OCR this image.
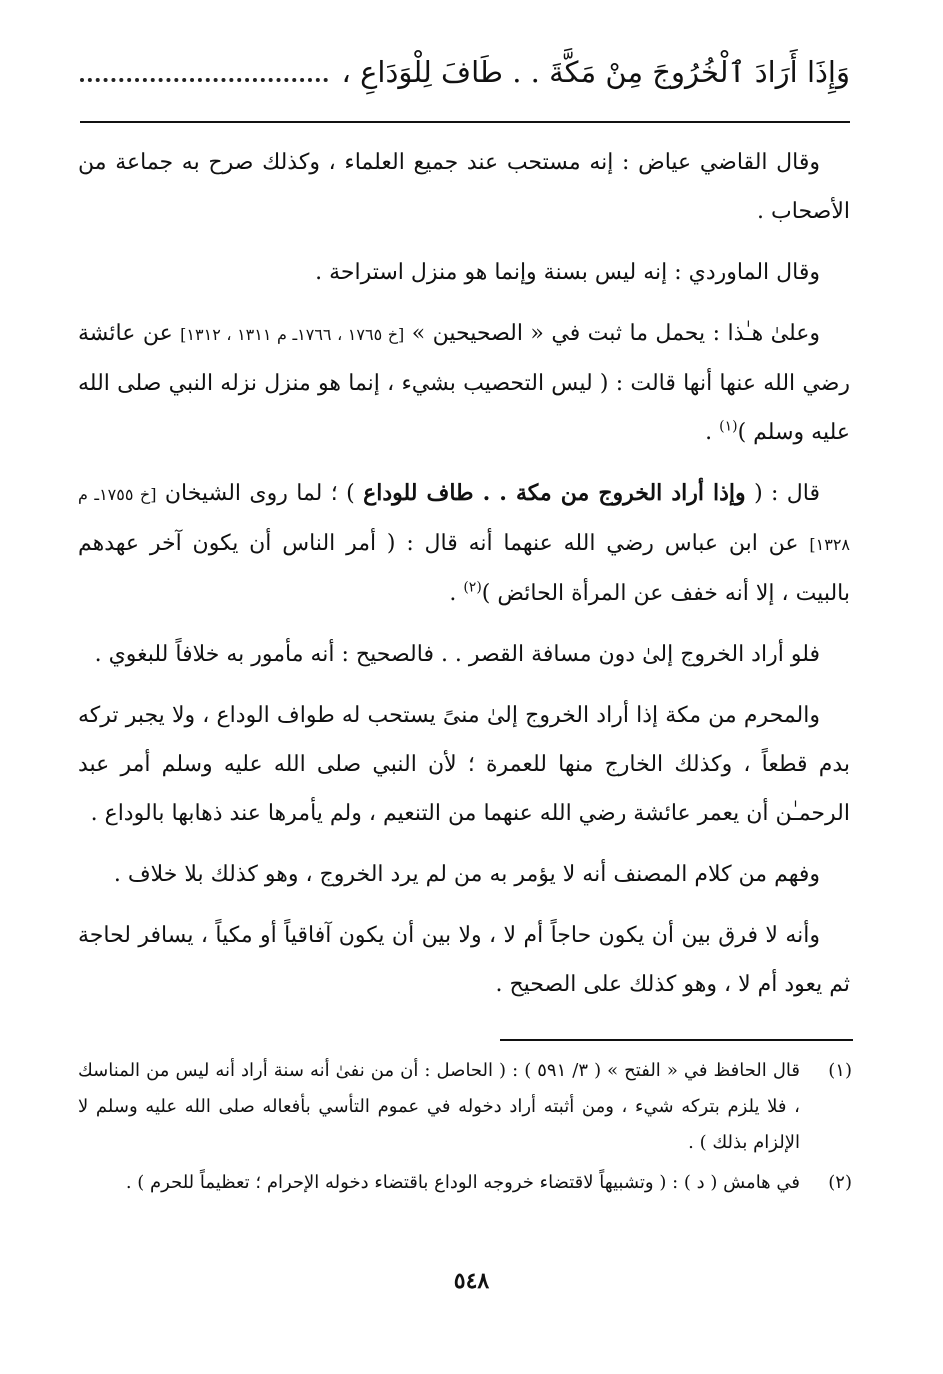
وَإِذَا أَرَادَ ٱلْخُرُوجَ مِنْ مَكَّةَ . . طَافَ لِلْوَدَاعِ ،

وقال القاضي عياض : إنه مستحب عند جميع العلماء ، وكذلك صرح به جماعة من الأصحاب .

وقال الماوردي : إنه ليس بسنة وإنما هو منزل استراحة .

وعلىٰ هـٰذا : يحمل ما ثبت في « الصحيحين » [خ ١٧٦٥ ، ١٧٦٦ـ م ١٣١١ ، ١٣١٢] عن عائشة رضي الله عنها أنها قالت : ( ليس التحصيب بشيء ، إنما هو منزل نزله النبي صلى الله عليه وسلم )$^{(١)}$ .

قال : ( وإذا أراد الخروج من مكة . . طاف للوداع ) ؛ لما روى الشيخان [خ ١٧٥٥ـ م ١٣٢٨] عن ابن عباس رضي الله عنهما أنه قال : ( أمر الناس أن يكون آخر عهدهم بالبيت ، إلا أنه خفف عن المرأة الحائض )$^{(٢)}$ .

فلو أراد الخروج إلىٰ دون مسافة القصر . . فالصحيح : أنه مأمور به خلافاً للبغوي .

والمحرم من مكة إذا أراد الخروج إلىٰ منىً يستحب له طواف الوداع ، ولا يجبر تركه بدم قطعاً ، وكذلك الخارج منها للعمرة ؛ لأن النبي صلى الله عليه وسلم أمر عبد الرحمـٰن أن يعمر عائشة رضي الله عنهما من التنعيم ، ولم يأمرها عند ذهابها بالوداع .

وفهم من كلام المصنف أنه لا يؤمر به من لم يرد الخروج ، وهو كذلك بلا خلاف .

وأنه لا فرق بين أن يكون حاجاً أم لا ، ولا بين أن يكون آفاقياً أو مكياً ، يسافر لحاجة ثم يعود أم لا ، وهو كذلك على الصحيح .

(١)
قال الحافظ في « الفتح » ( ٣/ ٥٩١ ) : ( الحاصل : أن من نفىٰ أنه سنة أراد أنه ليس من المناسك ، فلا يلزم بتركه شيء ، ومن أثبته أراد دخوله في عموم التأسي بأفعاله صلى الله عليه وسلم لا الإلزام بذلك ) .
(٢)
في هامش ( د ) : ( وتشبيهاً لاقتضاء خروجه الوداع باقتضاء دخوله الإحرام ؛ تعظيماً للحرم ) .
٥٤٨
